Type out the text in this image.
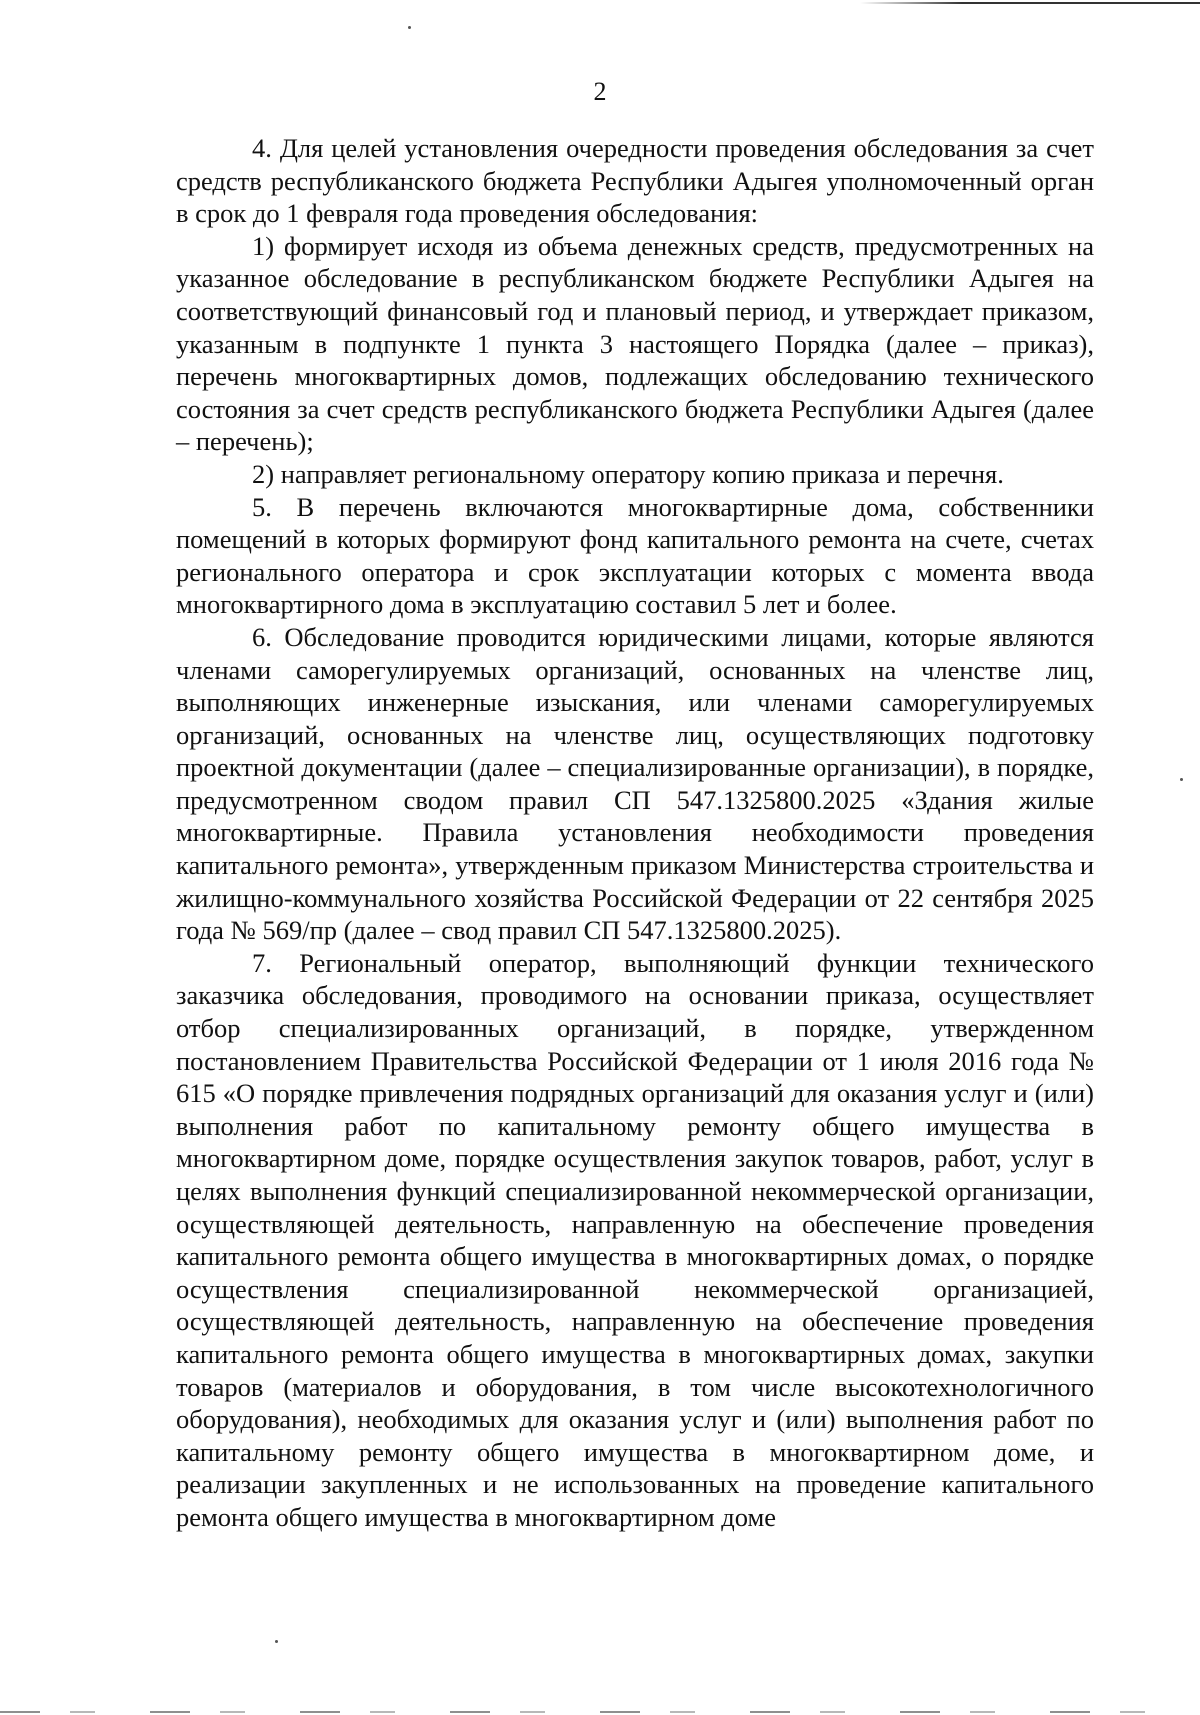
2

4. Для целей установления очередности проведения обследования за счет средств республиканского бюджета Республики Адыгея уполномоченный орган в срок до 1 февраля года проведения обследования:

1) формирует исходя из объема денежных средств, предусмотренных на указанное обследование в республиканском бюджете Республики Адыгея на соответствующий финансовый год и плановый период, и утверждает приказом, указанным в подпункте 1 пункта 3 настоящего Порядка (далее – приказ), перечень многоквартирных домов, подлежащих обследованию технического состояния за счет средств республиканского бюджета Республики Адыгея (далее – перечень);

2) направляет региональному оператору копию приказа и перечня.

5. В перечень включаются многоквартирные дома, собственники помещений в которых формируют фонд капитального ремонта на счете, счетах регионального оператора и срок эксплуатации которых с момента ввода многоквартирного дома в эксплуатацию составил 5 лет и более.

6. Обследование проводится юридическими лицами, которые являются членами саморегулируемых организаций, основанных на членстве лиц, выполняющих инженерные изыскания, или членами саморегулируемых организаций, основанных на членстве лиц, осуществляющих подготовку проектной документации (далее – специализированные организации), в порядке, предусмотренном сводом правил СП 547.1325800.2025 «Здания жилые многоквартирные. Правила установления необходимости проведения капитального ремонта», утвержденным приказом Министерства строительства и жилищно-коммунального хозяйства Российской Федерации от 22 сентября 2025 года № 569/пр (далее – свод правил СП 547.1325800.2025).

7. Региональный оператор, выполняющий функции технического заказчика обследования, проводимого на основании приказа, осуществляет отбор специализированных организаций, в порядке, утвержденном постановлением Правительства Российской Федерации от 1 июля 2016 года № 615 «О порядке привлечения подрядных организаций для оказания услуг и (или) выполнения работ по капитальному ремонту общего имущества в многоквартирном доме, порядке осуществления закупок товаров, работ, услуг в целях выполнения функций специализированной некоммерческой организации, осуществляющей деятельность, направленную на обеспечение проведения капитального ремонта общего имущества в многоквартирных домах, о порядке осуществления специализированной некоммерческой организацией, осуществляющей деятельность, направленную на обеспечение проведения капитального ремонта общего имущества в многоквартирных домах, закупки товаров (материалов и оборудования, в том числе высокотехнологичного оборудования), необходимых для оказания услуг и (или) выполнения работ по капитальному ремонту общего имущества в многоквартирном доме, и реализации закупленных и не использованных на проведение капитального ремонта общего имущества в многоквартирном доме
